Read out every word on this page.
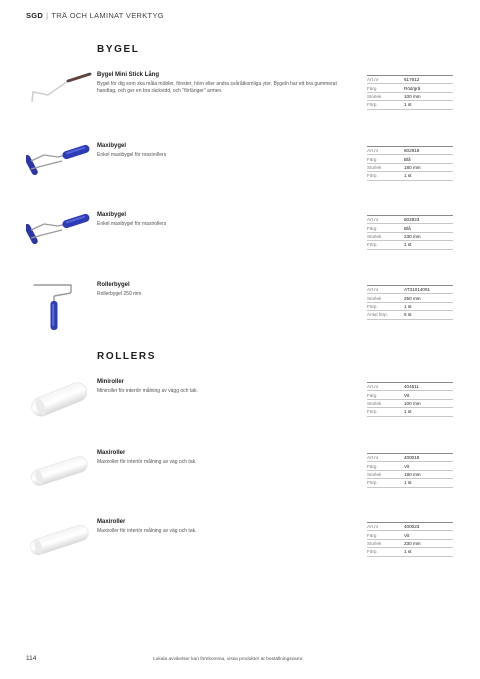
SGD | TRÄ OCH LAMINAT VERKTYG
BYGEL
Bygel Mini Stick Lång
Bygel för dig som ska måla möbler, fönster, hörn eller andra svåråtkomliga ytor. Bygeln har ett bra gummerat handtag, och ger en bra räckvidd, och "förlänger" armen.
Art.nr	617612
Färg	Röd/grå
Storlek	100 mm
Förp.	1 st
Maxibygel
Enkel maxibygel för maxirollers
Art.nr	602918
Färg	Blå
Storlek	180 mm
Förp.	1 st
Maxibygel
Enkel maxibygel för maxirollers
Art.nr	602923
Färg	Blå
Storlek	230 mm
Förp.	1 st
Rollerbygel
Rollerbygel 250 mm
Art.nr	AT31014001
Storlek	250 mm
Förp.	1 st
Antal förp.	5 st
ROLLERS
Miniroller
Miniroller för interiör målning av vägg och tak.
Art.nr	404511
Färg	Vit
Storlek	100 mm
Förp.	1 st
Maxiroller
Maxiroller för interiör målning av väg och tak.
Art.nr	400018
Färg	Vit
Storlek	180 mm
Förp.	1 st
Maxiroller
Maxiroller för interiör målning av väg och tak.
Art.nr	400023
Färg	Vit
Storlek	230 mm
Förp.	1 st
114	Lokala avvikelser kan förekomma, vissa produkter är beställningsvaror.
